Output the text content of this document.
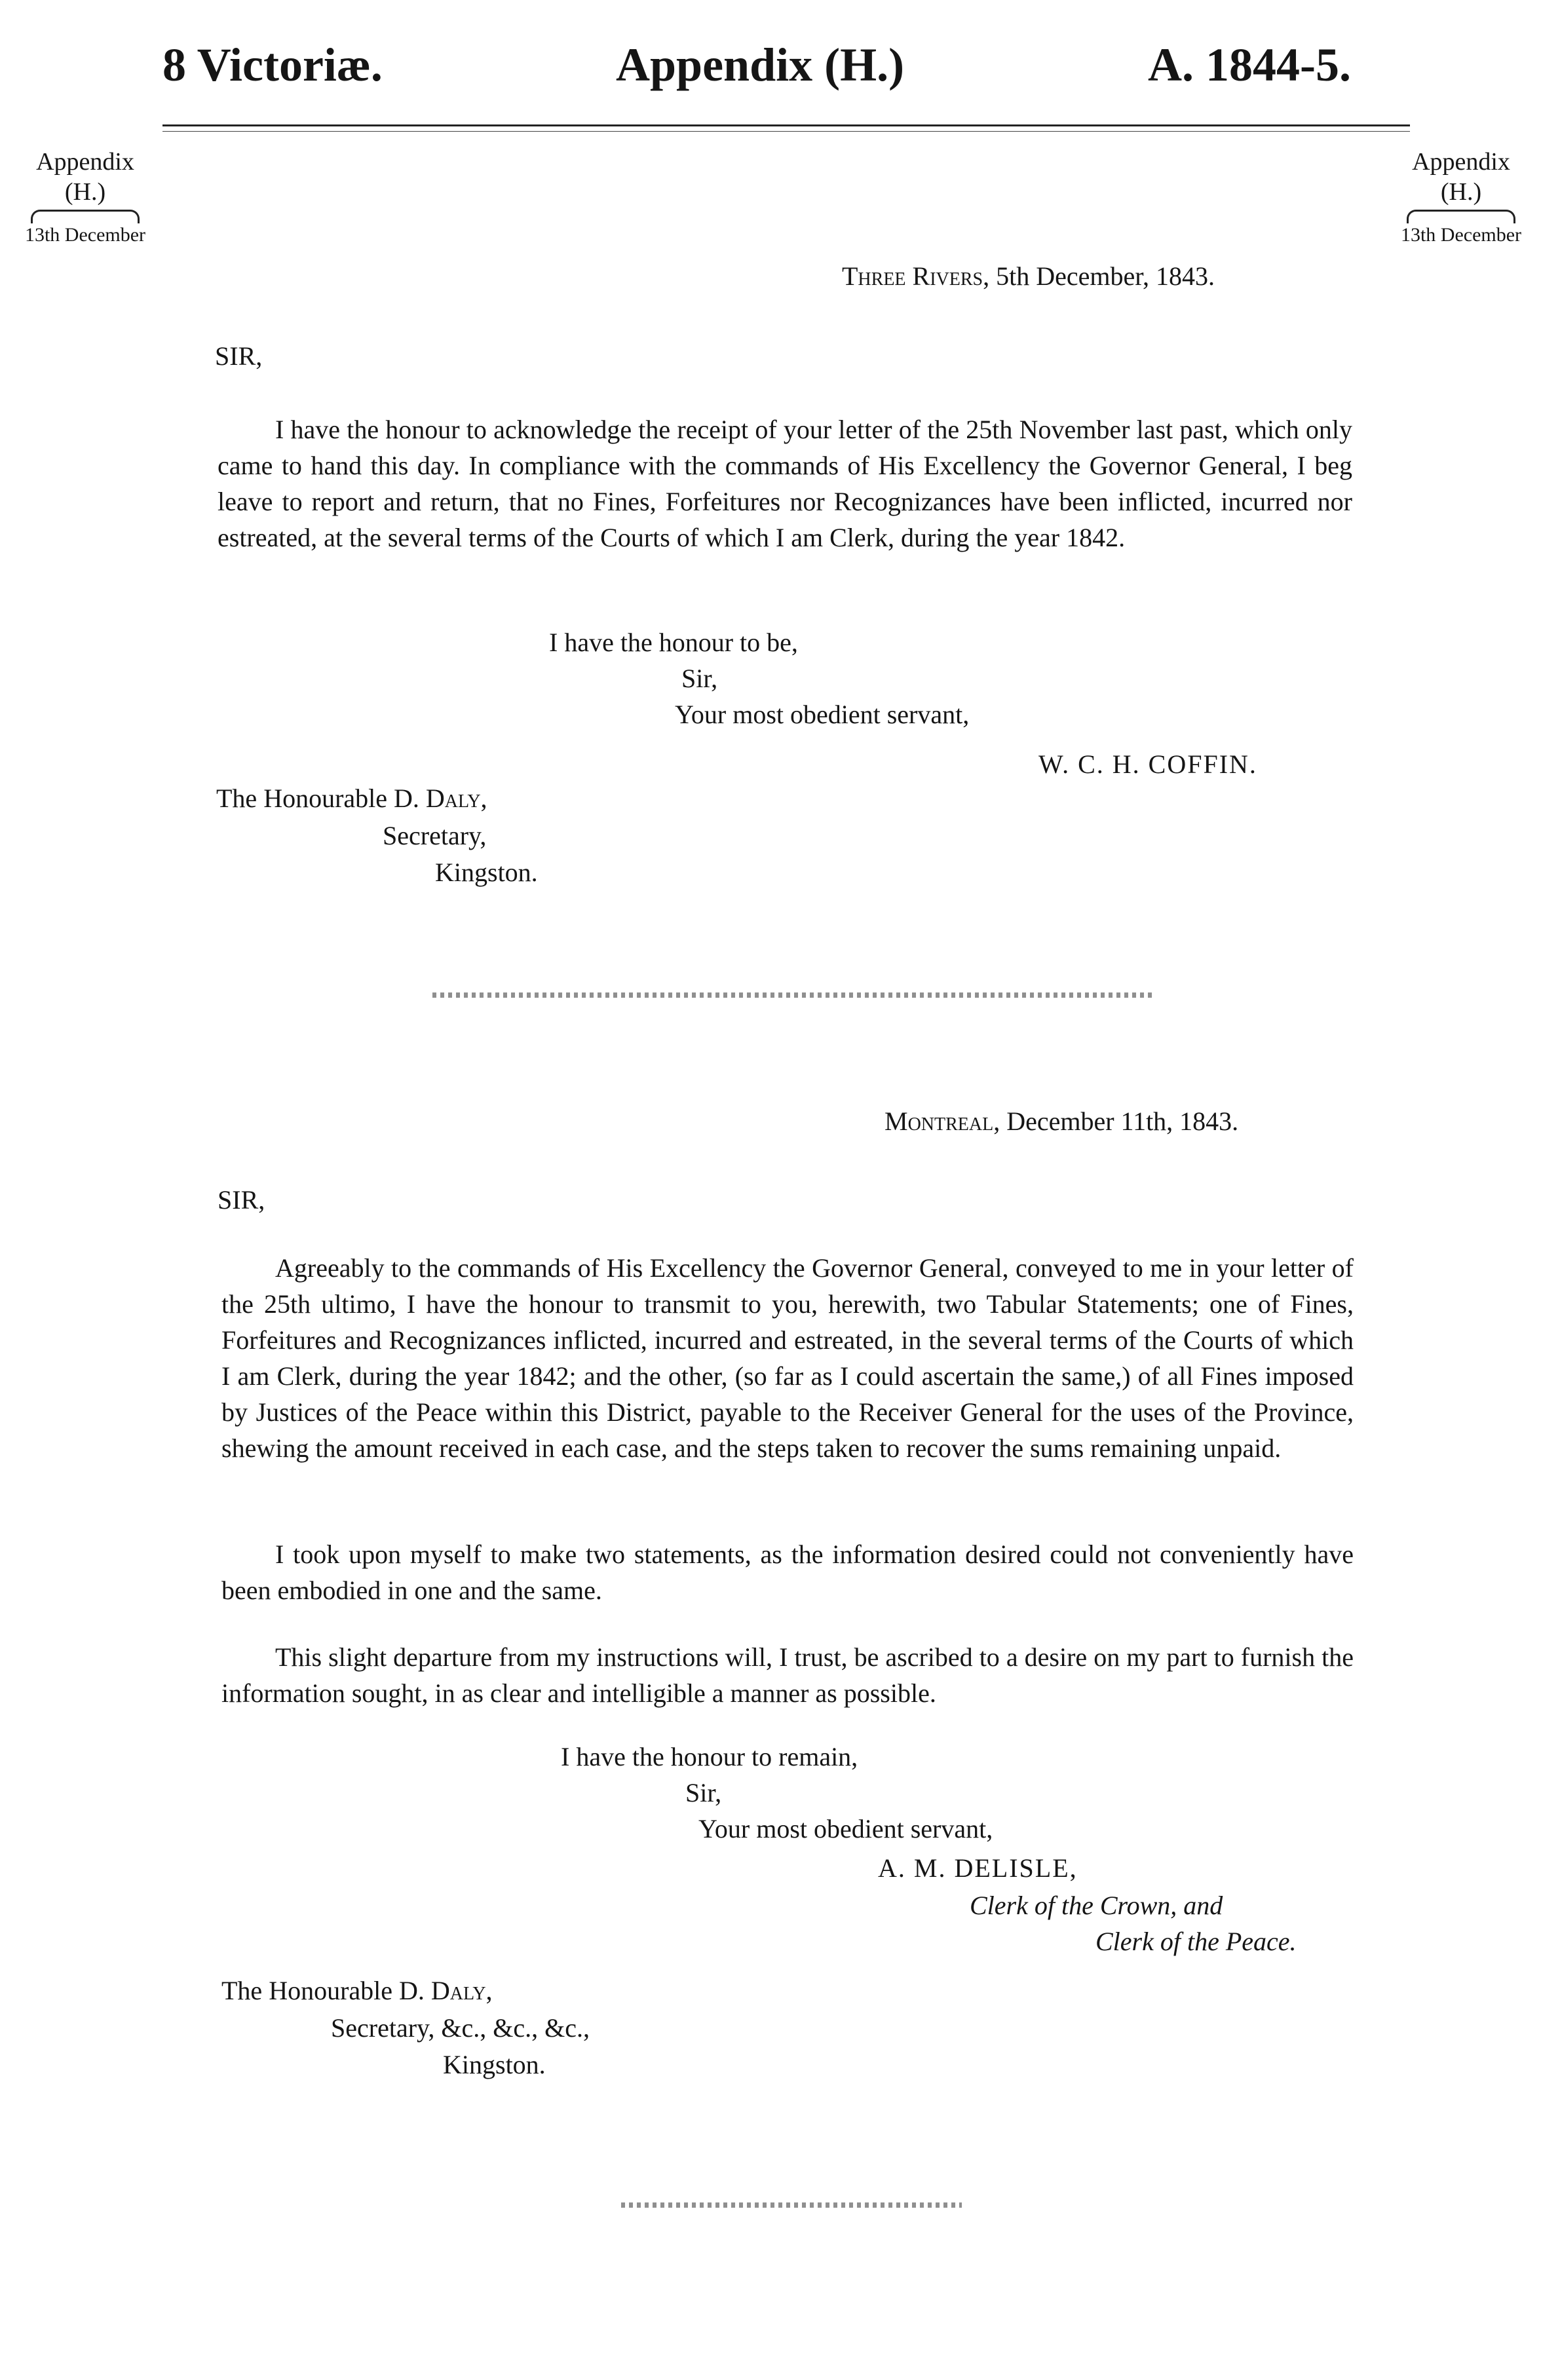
8 Victoriæ.	Appendix (H.)	A. 1844-5.
Appendix
(H.)
13th December
Appendix
(H.)
13th December
Three Rivers, 5th December, 1843.
SIR,
I have the honour to acknowledge the receipt of your letter of the 25th November last past, which only came to hand this day. In compliance with the commands of His Excellency the Governor General, I beg leave to report and return, that no Fines, Forfeitures nor Recognizances have been inflicted, incurred nor estreated, at the several terms of the Courts of which I am Clerk, during the year 1842.
I have the honour to be,
Sir,
Your most obedient servant,
W. C. H. COFFIN.
The Honourable D. Daly,
Secretary,
Kingston.
Montreal, December 11th, 1843.
SIR,
Agreeably to the commands of His Excellency the Governor General, conveyed to me in your letter of the 25th ultimo, I have the honour to transmit to you, herewith, two Tabular Statements; one of Fines, Forfeitures and Recognizances inflicted, incurred and estreated, in the several terms of the Courts of which I am Clerk, during the year 1842; and the other, (so far as I could ascertain the same,) of all Fines imposed by Justices of the Peace within this District, payable to the Receiver General for the uses of the Province, shewing the amount received in each case, and the steps taken to recover the sums remaining unpaid.
I took upon myself to make two statements, as the information desired could not conveniently have been embodied in one and the same.
This slight departure from my instructions will, I trust, be ascribed to a desire on my part to furnish the information sought, in as clear and intelligible a manner as possible.
I have the honour to remain,
Sir,
Your most obedient servant,
A. M. DELISLE,
Clerk of the Crown, and
Clerk of the Peace.
The Honourable D. Daly,
Secretary, &c., &c., &c.,
Kingston.
